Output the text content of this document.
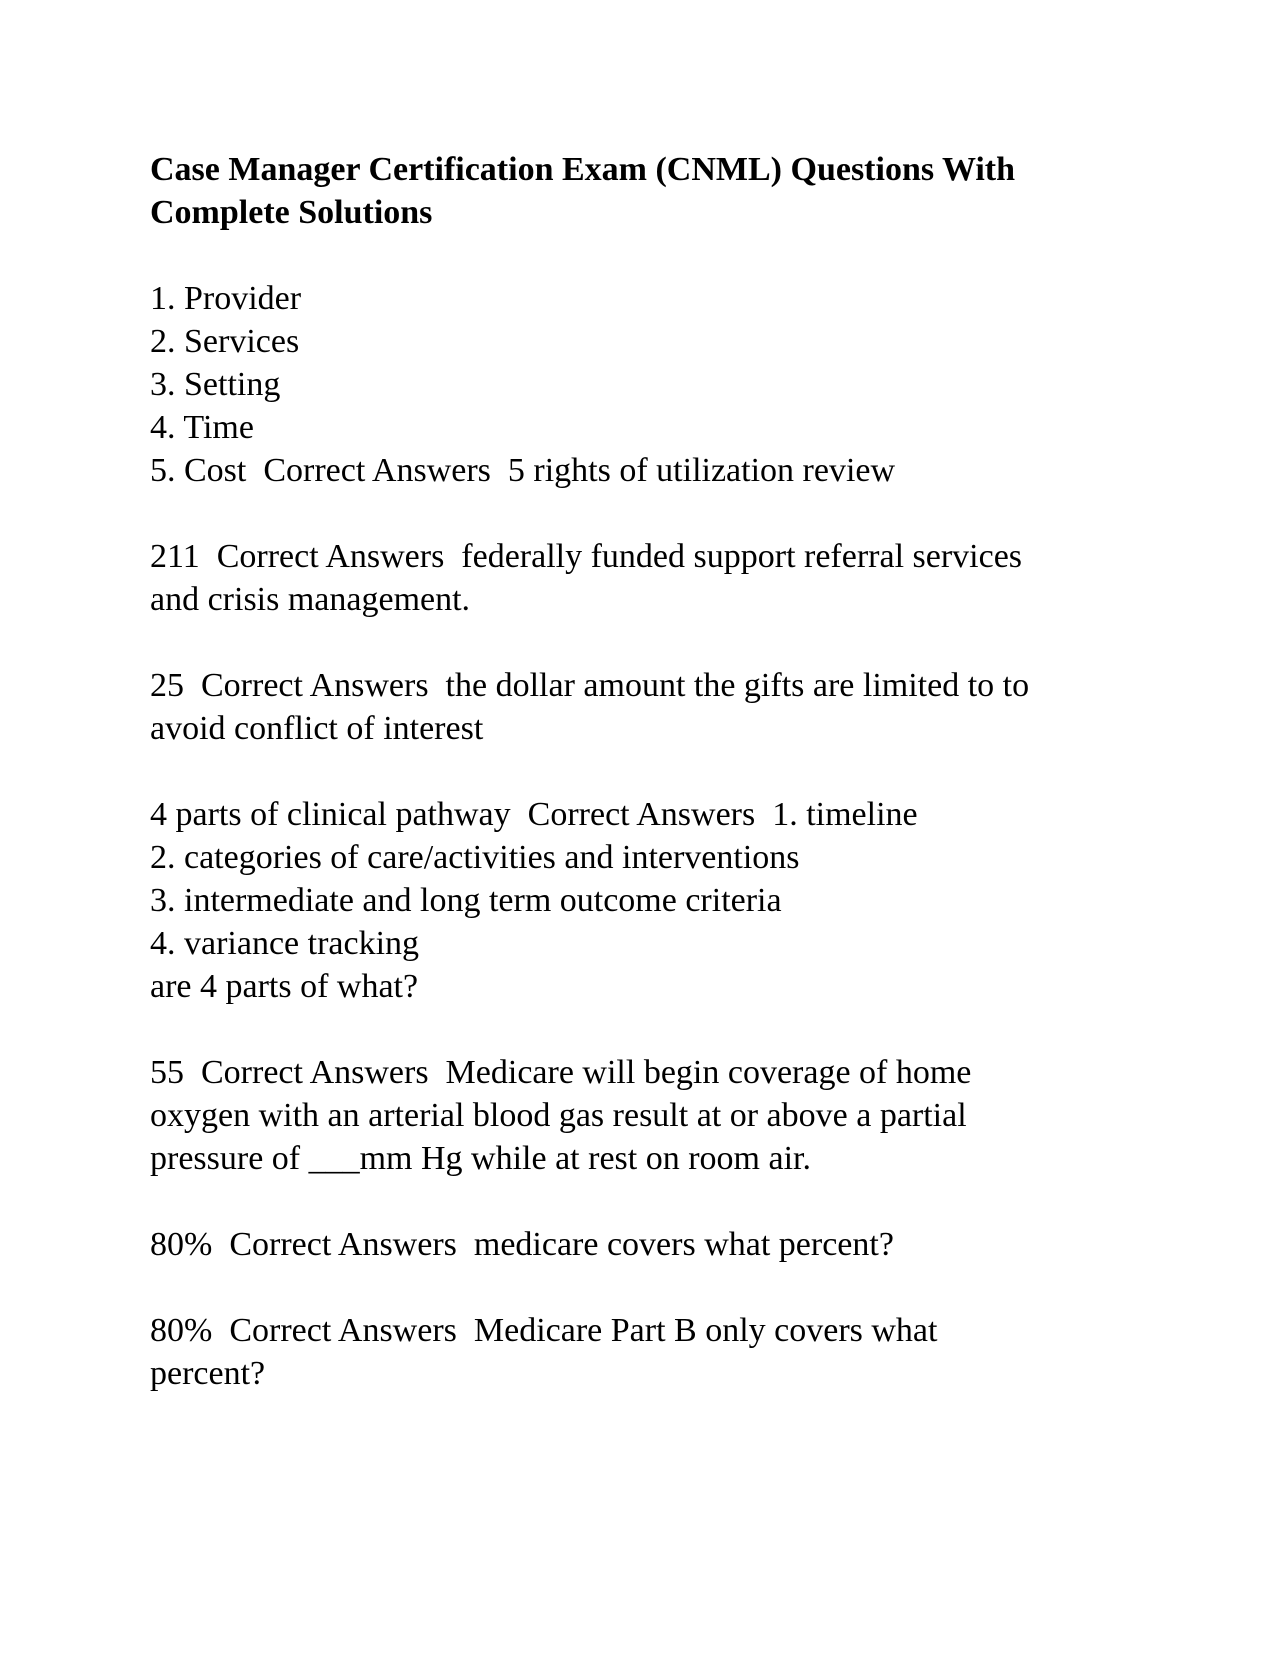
Case Manager Certification Exam (CNML) Questions With
Complete Solutions
1. Provider
2. Services
3. Setting
4. Time
5. Cost  Correct Answers  5 rights of utilization review
211  Correct Answers  federally funded support referral services
and crisis management.
25  Correct Answers  the dollar amount the gifts are limited to to
avoid conflict of interest
4 parts of clinical pathway  Correct Answers  1. timeline
2. categories of care/activities and interventions
3. intermediate and long term outcome criteria
4. variance tracking
are 4 parts of what?
55  Correct Answers  Medicare will begin coverage of home
oxygen with an arterial blood gas result at or above a partial
pressure of ___mm Hg while at rest on room air.
80%  Correct Answers  medicare covers what percent?
80%  Correct Answers  Medicare Part B only covers what
percent?
